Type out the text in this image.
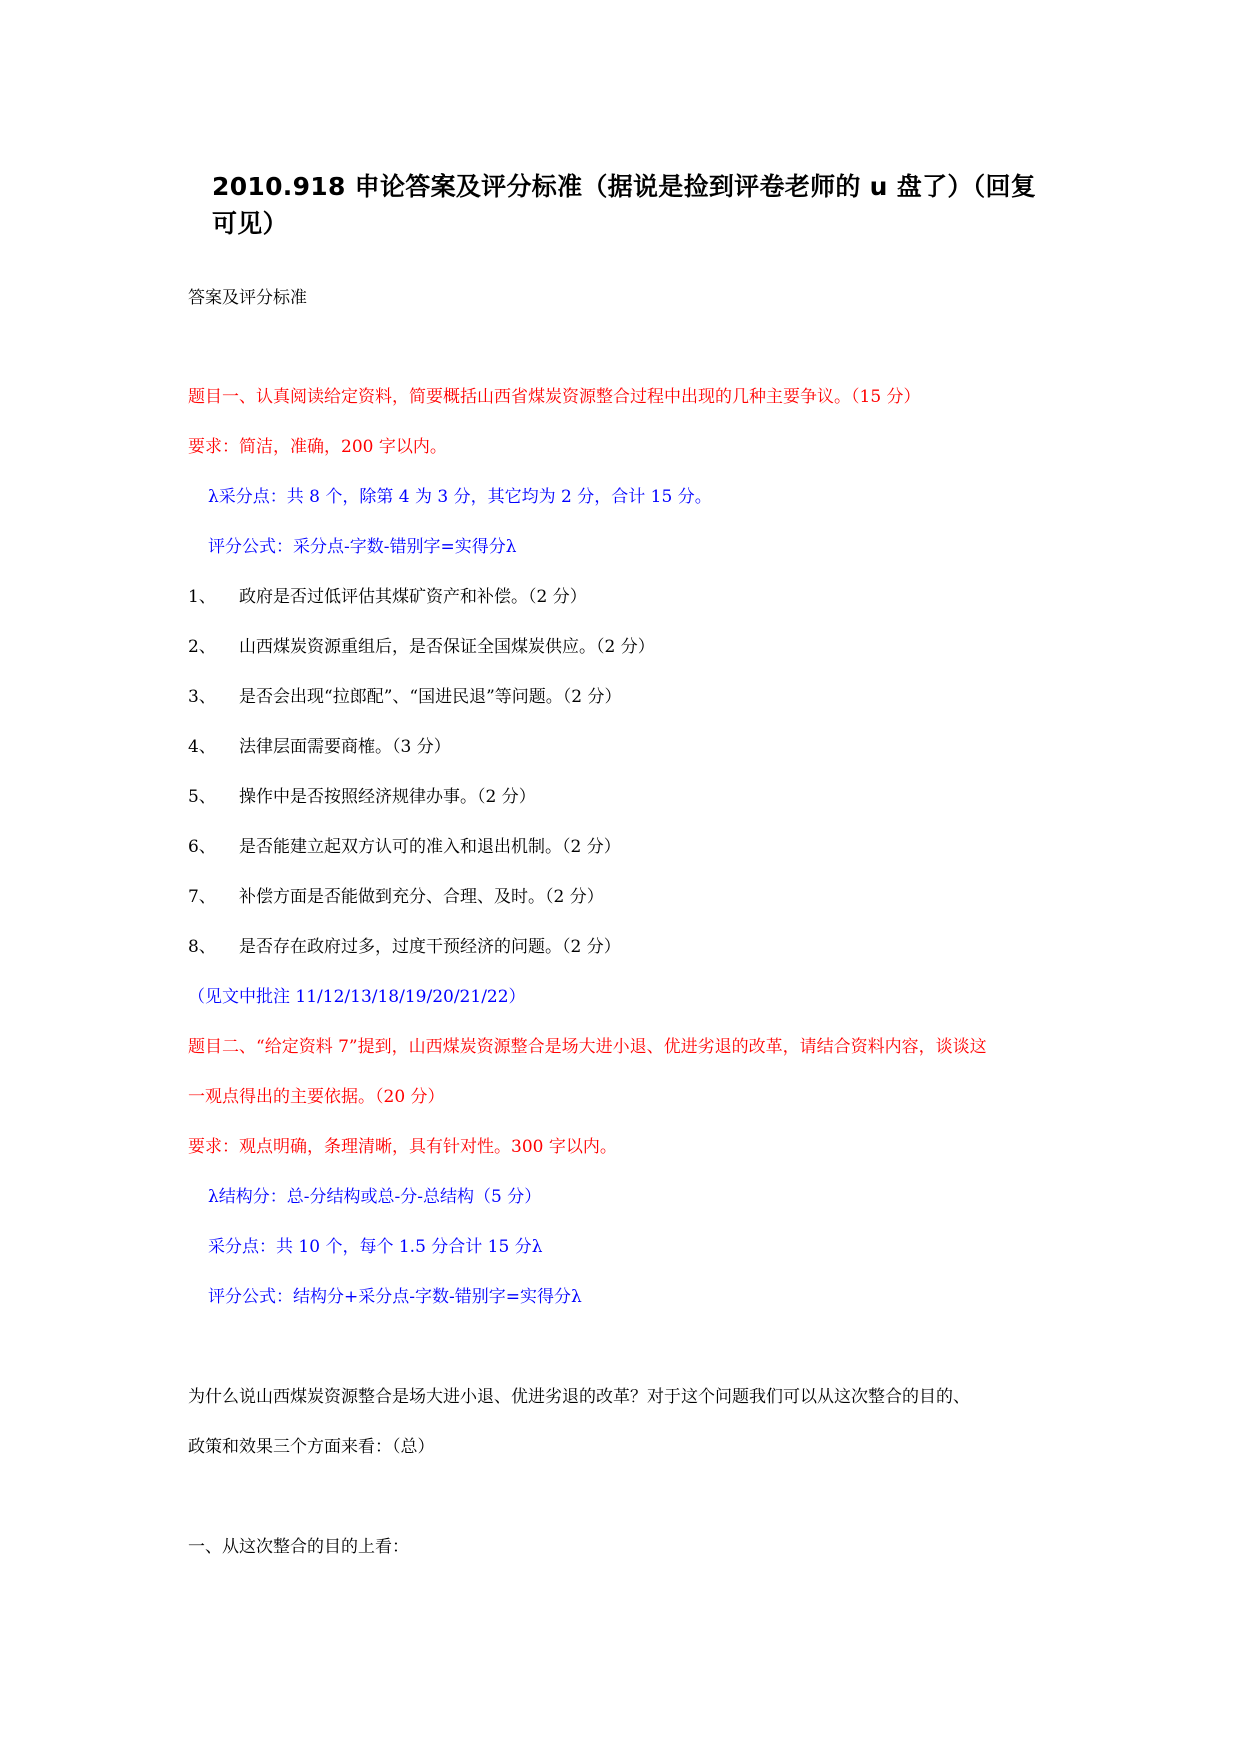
2010.918 申论答案及评分标准（据说是捡到评卷老师的 u 盘了）（回复可见）
答案及评分标准
题目一、认真阅读给定资料，简要概括山西省煤炭资源整合过程中出现的几种主要争议。（15 分）
要求：简洁，准确，200 字以内。
λ采分点：共 8 个，除第 4 为 3 分，其它均为 2 分，合计 15 分。
评分公式：采分点-字数-错别字=实得分λ
1、 政府是否过低评估其煤矿资产和补偿。（2 分）
2、 山西煤炭资源重组后，是否保证全国煤炭供应。（2 分）
3、 是否会出现“拉郎配”、“国进民退”等问题。（2 分）
4、 法律层面需要商榷。（3 分）
5、 操作中是否按照经济规律办事。（2 分）
6、 是否能建立起双方认可的准入和退出机制。（2 分）
7、 补偿方面是否能做到充分、合理、及时。（2 分）
8、 是否存在政府过多，过度干预经济的问题。（2 分）
（见文中批注 11/12/13/18/19/20/21/22）
题目二、“给定资料 7”提到，山西煤炭资源整合是场大进小退、优进劣退的改革，请结合资料内容，谈谈这
一观点得出的主要依据。（20 分）
要求：观点明确，条理清晰，具有针对性。300 字以内。
λ结构分：总-分结构或总-分-总结构（5 分）
采分点：共 10 个，每个 1.5 分合计 15 分λ
评分公式：结构分+采分点-字数-错别字=实得分λ
为什么说山西煤炭资源整合是场大进小退、优进劣退的改革？对于这个问题我们可以从这次整合的目的、
政策和效果三个方面来看：（总）
一、从这次整合的目的上看：
